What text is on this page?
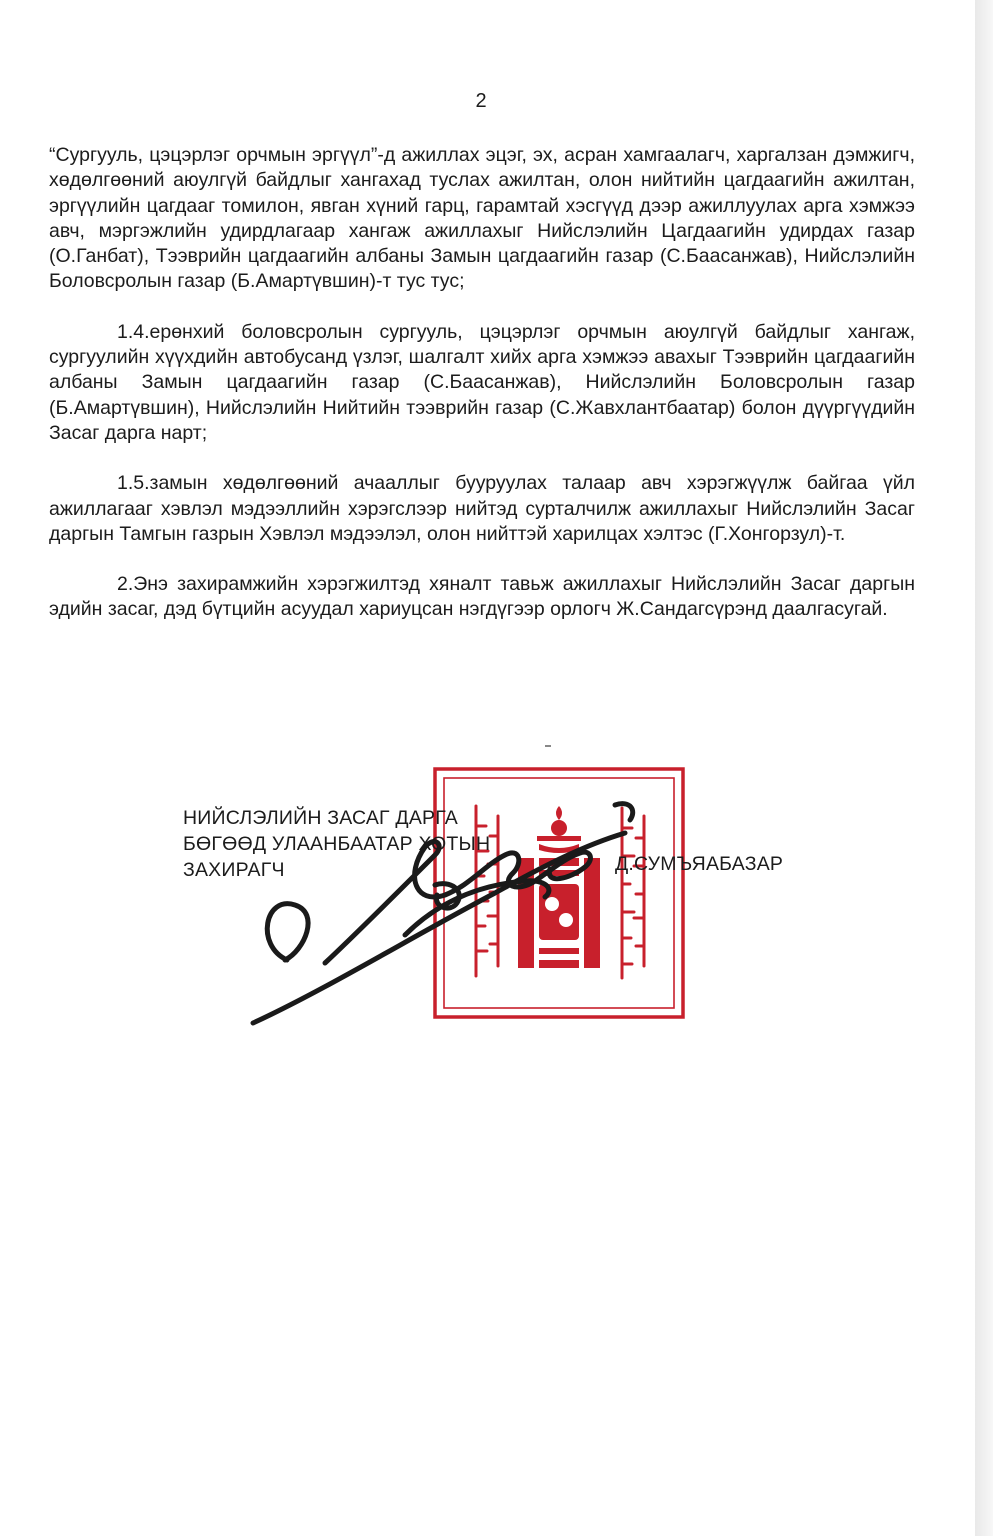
2

“Сургууль, цэцэрлэг орчмын эргүүл”-д ажиллах эцэг, эх, асран хамгаалагч, харгалзан дэмжигч, хөдөлгөөний аюулгүй байдлыг хангахад туслах ажилтан, олон нийтийн цагдаагийн ажилтан, эргүүлийн цагдааг томилон, явган хүний гарц, гарамтай хэсгүүд дээр ажиллуулах арга хэмжээ авч, мэргэжлийн удирдлагаар хангаж ажиллахыг Нийслэлийн Цагдаагийн удирдах газар (О.Ганбат), Тээврийн цагдаагийн албаны Замын цагдаагийн газар (С.Баасанжав), Нийслэлийн Боловсролын газар (Б.Амартүвшин)-т тус тус;

1.4.ерөнхий боловсролын сургууль, цэцэрлэг орчмын аюулгүй байдлыг хангаж, сургуулийн хүүхдийн автобусанд үзлэг, шалгалт хийх арга хэмжээ авахыг Тээврийн цагдаагийн албаны Замын цагдаагийн газар (С.Баасанжав), Нийслэлийн Боловсролын газар (Б.Амартүвшин), Нийслэлийн Нийтийн тээврийн газар (С.Жавхлантбаатар) болон дүүргүүдийн Засаг дарга нарт;

1.5.замын хөдөлгөөний ачааллыг бууруулах талаар авч хэрэгжүүлж байгаа үйл ажиллагааг хэвлэл мэдээллийн хэрэгслээр нийтэд сурталчилж ажиллахыг Нийслэлийн Засаг даргын Тамгын газрын Хэвлэл мэдээлэл, олон нийттэй харилцах хэлтэс (Г.Хонгорзул)-т.

2.Энэ захирамжийн хэрэгжилтэд хяналт тавьж ажиллахыг Нийслэлийн Засаг даргын эдийн засаг, дэд бүтцийн асуудал хариуцсан нэгдүгээр орлогч Ж.Сандагсүрэнд даалгасугай.

НИЙСЛЭЛИЙН ЗАСАГ ДАРГА
БӨГӨӨД УЛААНБААТАР ХОТЫН
ЗАХИРАГЧ	Д.СУМЪЯАБАЗАР
